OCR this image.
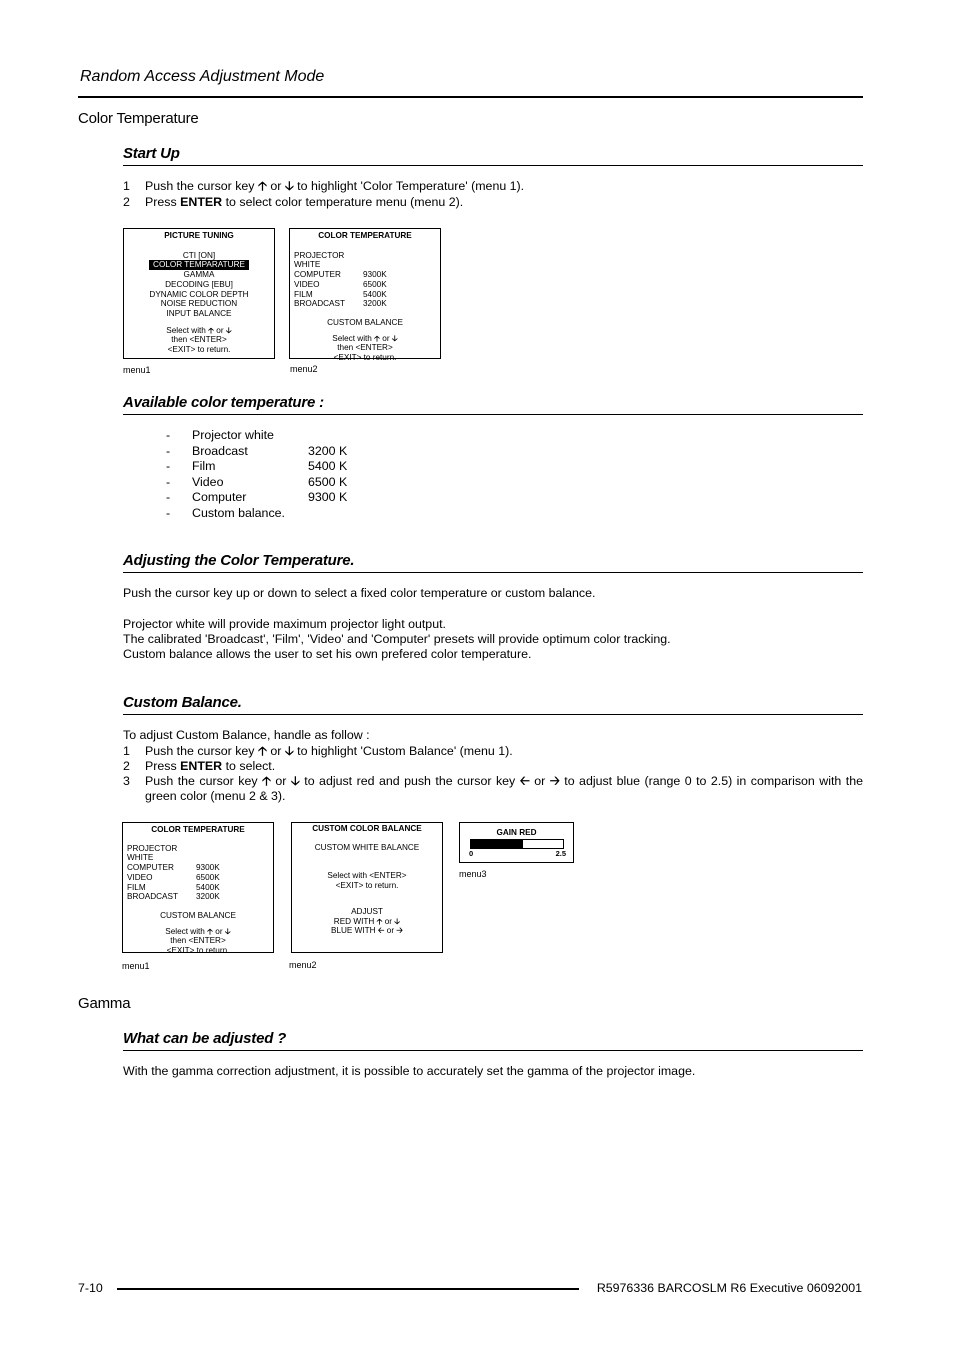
Random Access Adjustment Mode
Color Temperature
Start Up
1 Push the cursor key 🡡 or 🡣 to highlight 'Color Temperature' (menu 1).
2 Press ENTER to select color temperature menu (menu 2).
PICTURE TUNING
CTI [ON]
COLOR TEMPARATURE
GAMMA
DECODING [EBU]
DYNAMIC COLOR DEPTH
NOISE REDUCTION
INPUT BALANCE
Select with 🡡 or 🡣
then <ENTER>
<EXIT> to return.
menu1
COLOR TEMPERATURE
PROJECTOR WHITE
COMPUTER	9300K
VIDEO	6500K
FILM	5400K
BROADCAST	3200K
CUSTOM BALANCE
Select with 🡡 or 🡣
then <ENTER>
<EXIT> to return.
menu2
Available color temperature :
-	Projector white
-	Broadcast	3200 K
-	Film	5400 K
-	Video	6500 K
-	Computer	9300 K
-	Custom balance.
Adjusting the Color Temperature.
Push the cursor key up or down to select a fixed color temperature or custom balance.
Projector white will provide maximum projector light output.
The calibrated 'Broadcast', 'Film', 'Video' and 'Computer' presets will provide optimum color tracking.
Custom balance allows the user to set his own prefered color temperature.
Custom Balance.
To adjust Custom Balance, handle as follow :
1 Push the cursor key 🡡 or 🡣 to highlight 'Custom Balance' (menu 1).
2 Press ENTER to select.
3 Push the cursor key 🡡 or 🡣 to adjust red and push the cursor key 🡠 or 🡢 to adjust blue (range 0 to 2.5) in comparison with the green color (menu 2 & 3).
COLOR TEMPERATURE
PROJECTOR WHITE
COMPUTER	9300K
VIDEO	6500K
FILM	5400K
BROADCAST	3200K
CUSTOM BALANCE
Select with 🡡 or 🡣
then <ENTER>
<EXIT> to return.
menu1
CUSTOM COLOR BALANCE
CUSTOM WHITE BALANCE
Select with <ENTER>
<EXIT> to return.
ADJUST
RED WITH 🡡 or 🡣
BLUE WITH 🡠 or 🡢
menu2
GAIN RED
0	2.5
menu3
Gamma
What can be adjusted ?
With the gamma correction adjustment, it is possible to accurately set the gamma of the projector image.
7-10	R5976336 BARCOSLM R6 Executive 06092001
